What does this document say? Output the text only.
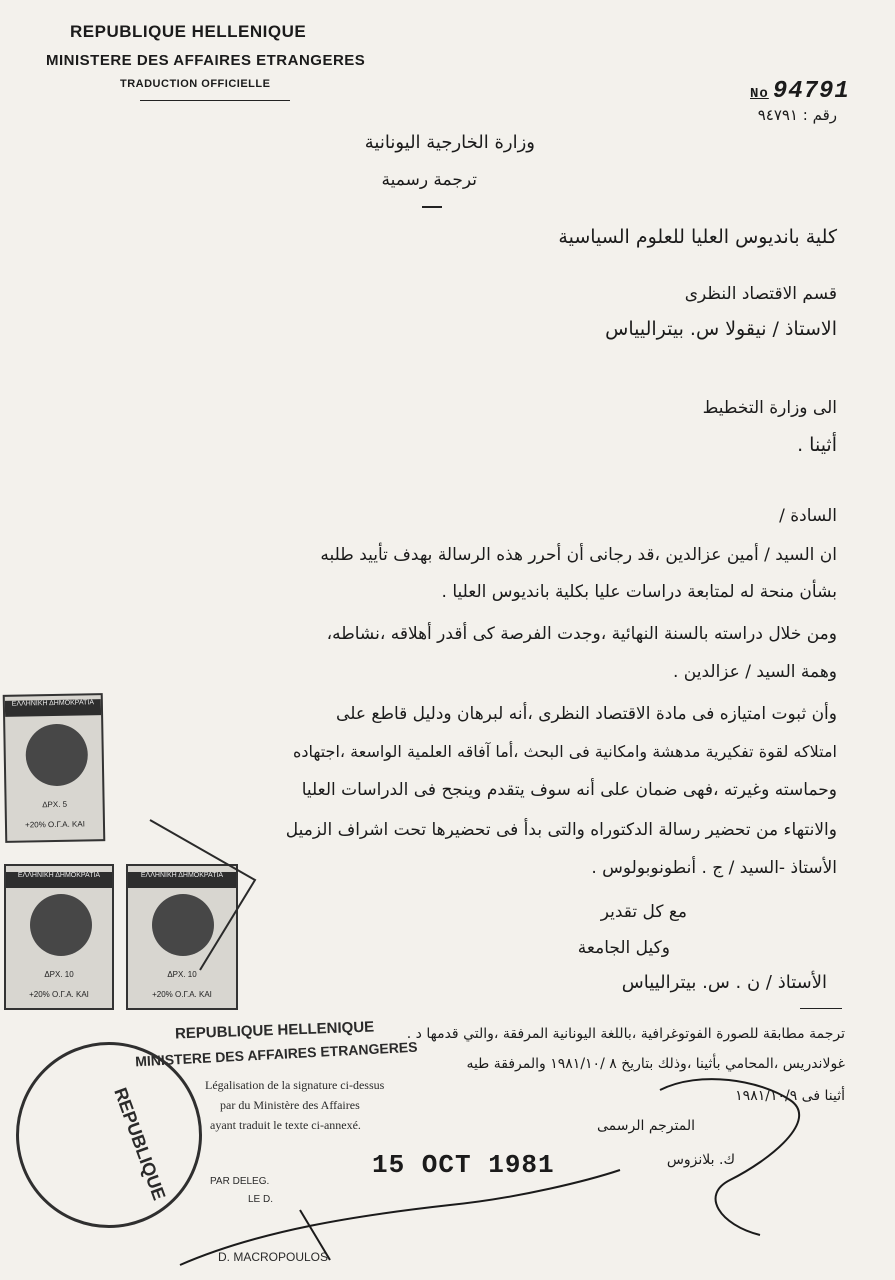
REPUBLIQUE HELLENIQUE
MINISTERE DES AFFAIRES ETRANGERES
TRADUCTION OFFICIELLE
No 94791
رقم : ٩٤٧٩١
وزارة الخارجية اليونانية
ترجمة رسمية
كلية بانديوس العليا للعلوم السياسية
قسم الاقتصاد النظرى
الاستاذ / نيقولا س. بيتراليياس
الى وزارة التخطيط
أثينا .
السادة /
ان السيد / أمين عزالدين ،قد رجانى أن أحرر هذه الرسالة بهدف تأييد طلبه
بشأن منحة له لمتابعة دراسات عليا بكلية بانديوس العليا .
ومن خلال دراسته بالسنة النهائية ،وجدت الفرصة كى أقدر أهلاقه ،نشاطه،
وهمة السيد / عزالدين .
وأن ثبوت امتيازه فى مادة الاقتصاد النظرى ،أنه لبرهان ودليل قاطع على
امتلاكه لقوة تفكيرية مدهشة وامكانية فى البحث ،أما آفاقه العلمية الواسعة ،اجتهاده
وحماسته وغيرته ،فهى ضمان على أنه سوف يتقدم وينجح فى الدراسات العليا
والانتهاء من تحضير رسالة الدكتوراه والتى بدأ فى تحضيرها تحت اشراف الزميل
الأستاذ -السيد / ج . أنطونوبولوس .
مع كل تقدير
وكيل الجامعة
الأستاذ / ن . س. بيتراليياس
ترجمة مطابقة للصورة الفوتوغرافية ،باللغة اليونانية المرفقة ،والتي قدمها د .
غولاندريس ،المحامي بأثينا ،وذلك بتاريخ ٨ /١٩٨١/١٠ والمرفقة طيه
أثينا فى ١٩٨١/١٠/٩
المترجم الرسمى
ك. بلانزوس
ΕΛΛΗΝΙΚΗ ΔΗΜΟΚΡΑΤΙΑ
ΔΡΧ. 5
+20% Ο.Γ.Α. ΚΑΙ
ΕΛΛΗΝΙΚΗ ΔΗΜΟΚΡΑΤΙΑ
ΔΡΧ. 10
+20% Ο.Γ.Α. ΚΑΙ
ΕΛΛΗΝΙΚΗ ΔΗΜΟΚΡΑΤΙΑ
ΔΡΧ. 10
+20% Ο.Γ.Α. ΚΑΙ
REPUBLIQUE HELLENIQUE
MINISTERE DES AFFAIRES ETRANGERES
Légalisation de la signature ci-dessus
par du Ministère des Affaires
ayant traduit le texte ci-annexé.
PAR DELEG.
LE D.
15 OCT 1981
D. MACROPOULOS
REPUBLIQUE
